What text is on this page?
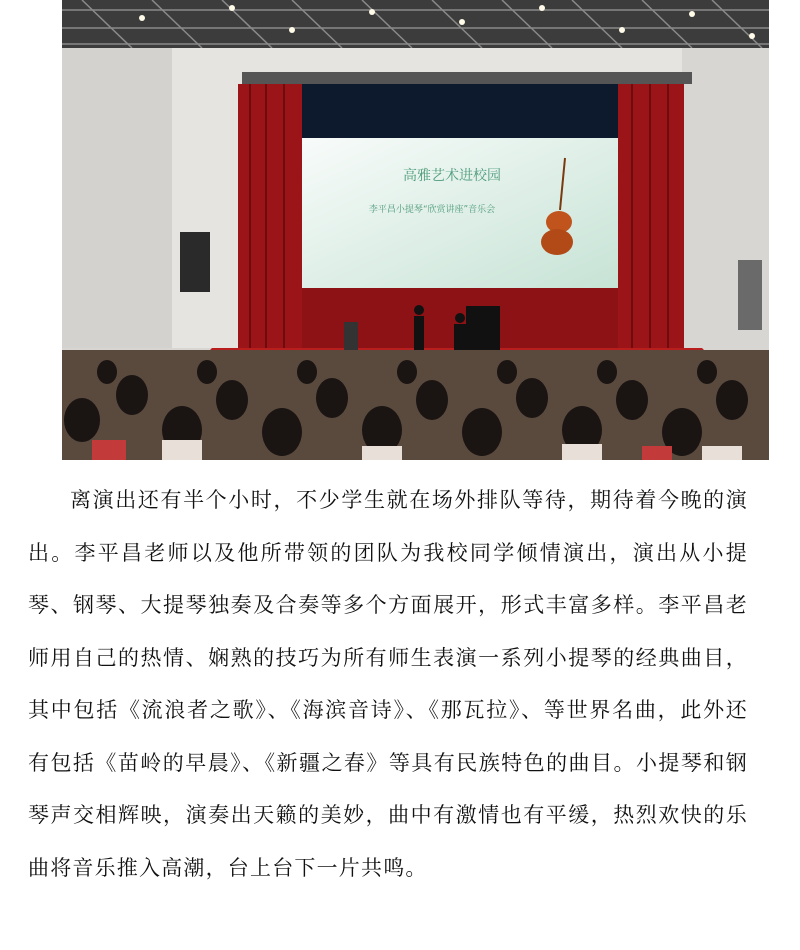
高雅艺术进校园
李平昌小提琴“欣赏讲座”音乐会

离演出还有半个小时，不少学生就在场外排队等待，期待着今晚的演出。李平昌老师以及他所带领的团队为我校同学倾情演出，演出从小提琴、钢琴、大提琴独奏及合奏等多个方面展开，形式丰富多样。李平昌老师用自己的热情、娴熟的技巧为所有师生表演一系列小提琴的经典曲目，其中包括《流浪者之歌》、《海滨音诗》、《那瓦拉》、等世界名曲，此外还有包括《苗岭的早晨》、《新疆之春》等具有民族特色的曲目。小提琴和钢琴声交相辉映，演奏出天籁的美妙，曲中有激情也有平缓，热烈欢快的乐曲将音乐推入高潮，台上台下一片共鸣。
